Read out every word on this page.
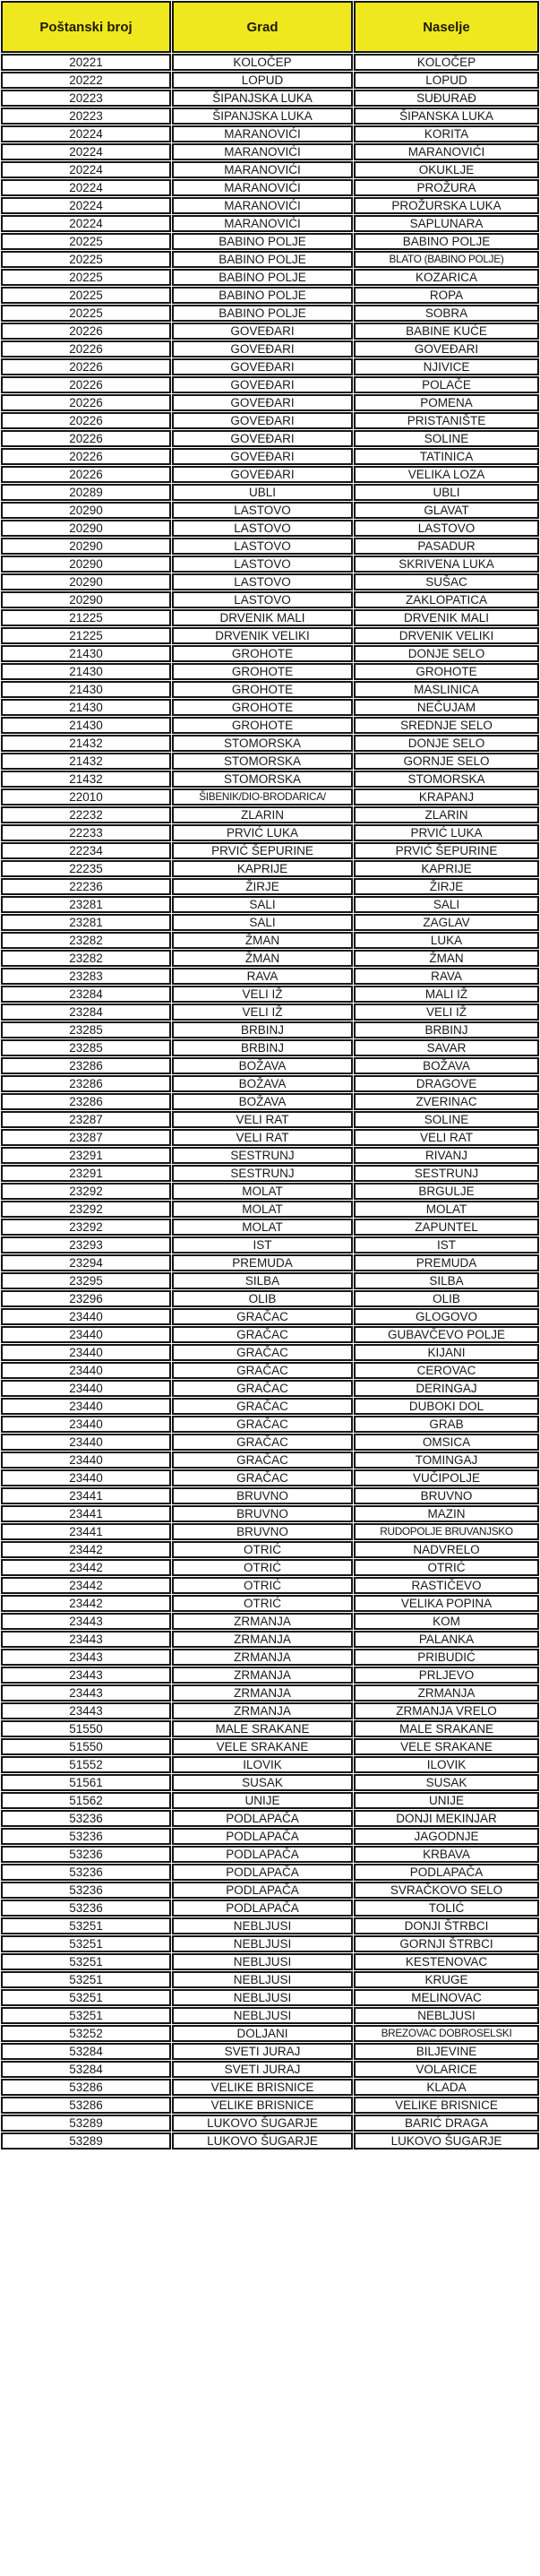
Poštanski broj	Grad	Naselje
20221	KOLOČEP	KOLOČEP
20222	LOPUD	LOPUD
20223	ŠIPANJSKA LUKA	SUĐURAĐ
20223	ŠIPANJSKA LUKA	ŠIPANSKA LUKA
20224	MARANOVIĆI	KORITA
20224	MARANOVIĆI	MARANOVIĆI
20224	MARANOVIĆI	OKUKLJE
20224	MARANOVIĆI	PROŽURA
20224	MARANOVIĆI	PROŽURSKA LUKA
20224	MARANOVIĆI	SAPLUNARA
20225	BABINO POLJE	BABINO POLJE
20225	BABINO POLJE	BLATO (BABINO POLJE)
20225	BABINO POLJE	KOZARICA
20225	BABINO POLJE	ROPA
20225	BABINO POLJE	SOBRA
20226	GOVEĐARI	BABINE KUĆE
20226	GOVEĐARI	GOVEĐARI
20226	GOVEĐARI	NJIVICE
20226	GOVEĐARI	POLAČE
20226	GOVEĐARI	POMENA
20226	GOVEĐARI	PRISTANIŠTE
20226	GOVEĐARI	SOLINE
20226	GOVEĐARI	TATINICA
20226	GOVEĐARI	VELIKA LOZA
20289	UBLI	UBLI
20290	LASTOVO	GLAVAT
20290	LASTOVO	LASTOVO
20290	LASTOVO	PASADUR
20290	LASTOVO	SKRIVENA LUKA
20290	LASTOVO	SUŠAC
20290	LASTOVO	ZAKLOPATICA
21225	DRVENIK MALI	DRVENIK MALI
21225	DRVENIK VELIKI	DRVENIK VELIKI
21430	GROHOTE	DONJE SELO
21430	GROHOTE	GROHOTE
21430	GROHOTE	MASLINICA
21430	GROHOTE	NEČUJAM
21430	GROHOTE	SREDNJE SELO
21432	STOMORSKA	DONJE SELO
21432	STOMORSKA	GORNJE SELO
21432	STOMORSKA	STOMORSKA
22010	ŠIBENIK/DIO-BRODARICA/	KRAPANJ
22232	ZLARIN	ZLARIN
22233	PRVIĆ LUKA	PRVIĆ LUKA
22234	PRVIĆ ŠEPURINE	PRVIĆ ŠEPURINE
22235	KAPRIJE	KAPRIJE
22236	ŽIRJE	ŽIRJE
23281	SALI	SALI
23281	SALI	ZAGLAV
23282	ŽMAN	LUKA
23282	ŽMAN	ŽMAN
23283	RAVA	RAVA
23284	VELI IŽ	MALI IŽ
23284	VELI IŽ	VELI IŽ
23285	BRBINJ	BRBINJ
23285	BRBINJ	SAVAR
23286	BOŽAVA	BOŽAVA
23286	BOŽAVA	DRAGOVE
23286	BOŽAVA	ZVERINAC
23287	VELI RAT	SOLINE
23287	VELI RAT	VELI RAT
23291	SESTRUNJ	RIVANJ
23291	SESTRUNJ	SESTRUNJ
23292	MOLAT	BRGULJE
23292	MOLAT	MOLAT
23292	MOLAT	ZAPUNTEL
23293	IST	IST
23294	PREMUDA	PREMUDA
23295	SILBA	SILBA
23296	OLIB	OLIB
23440	GRAČAC	GLOGOVO
23440	GRAČAC	GUBAVČEVO POLJE
23440	GRAČAC	KIJANI
23440	GRAČAC	CEROVAC
23440	GRAČAC	DERINGAJ
23440	GRAČAC	DUBOKI DOL
23440	GRAČAC	GRAB
23440	GRAČAC	OMSICA
23440	GRAČAC	TOMINGAJ
23440	GRAČAC	VUČIPOLJE
23441	BRUVNO	BRUVNO
23441	BRUVNO	MAZIN
23441	BRUVNO	RUDOPOLJE BRUVANJSKO
23442	OTRIĆ	NADVRELO
23442	OTRIĆ	OTRIĆ
23442	OTRIĆ	RASTIČEVO
23442	OTRIĆ	VELIKA POPINA
23443	ZRMANJA	KOM
23443	ZRMANJA	PALANKA
23443	ZRMANJA	PRIBUDIĆ
23443	ZRMANJA	PRLJEVO
23443	ZRMANJA	ZRMANJA
23443	ZRMANJA	ZRMANJA VRELO
51550	MALE SRAKANE	MALE SRAKANE
51550	VELE SRAKANE	VELE SRAKANE
51552	ILOVIK	ILOVIK
51561	SUSAK	SUSAK
51562	UNIJE	UNIJE
53236	PODLAPAČA	DONJI MEKINJAR
53236	PODLAPAČA	JAGODNJE
53236	PODLAPAČA	KRBAVA
53236	PODLAPAČA	PODLAPAČA
53236	PODLAPAČA	SVRAČKOVO SELO
53236	PODLAPAČA	TOLIĆ
53251	NEBLJUSI	DONJI ŠTRBCI
53251	NEBLJUSI	GORNJI ŠTRBCI
53251	NEBLJUSI	KESTENOVAC
53251	NEBLJUSI	KRUGE
53251	NEBLJUSI	MELINOVAC
53251	NEBLJUSI	NEBLJUSI
53252	DOLJANI	BREZOVAC DOBROSELSKI
53284	SVETI JURAJ	BILJEVINE
53284	SVETI JURAJ	VOLARICE
53286	VELIKE BRISNICE	KLADA
53286	VELIKE BRISNICE	VELIKE BRISNICE
53289	LUKOVO ŠUGARJE	BARIĆ DRAGA
53289	LUKOVO ŠUGARJE	LUKOVO ŠUGARJE
